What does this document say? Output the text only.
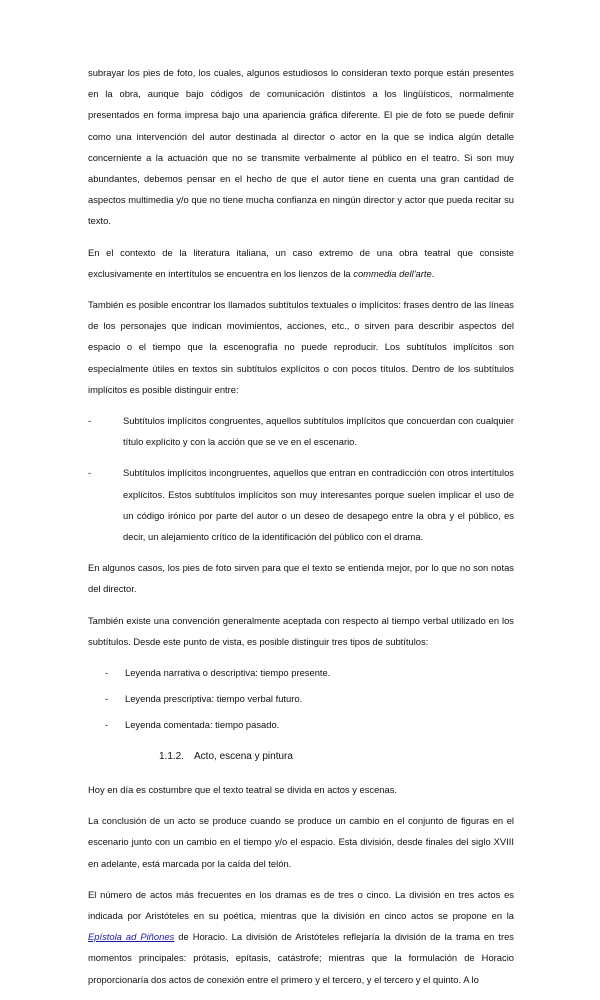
subrayar los pies de foto, los cuales, algunos estudiosos lo consideran texto porque están presentes en la obra, aunque bajo códigos de comunicación distintos a los lingüísticos, normalmente presentados en forma impresa bajo una apariencia gráfica diferente. El pie de foto se puede definir como una intervención del autor destinada al director o actor en la que se indica algún detalle concerniente a la actuación que no se transmite verbalmente al público en el teatro. Si son muy abundantes, debemos pensar en el hecho de que el autor tiene en cuenta una gran cantidad de aspectos multimedia y/o que no tiene mucha confianza en ningún director y actor que pueda recitar su texto.

En el contexto de la literatura italiana, un caso extremo de una obra teatral que consiste exclusivamente en intertítulos se encuentra en los lienzos de la commedia dell'arte.

También es posible encontrar los llamados subtítulos textuales o implícitos: frases dentro de las líneas de los personajes que indican movimientos, acciones, etc., o sirven para describir aspectos del espacio o el tiempo que la escenografía no puede reproducir. Los subtítulos implícitos son especialmente útiles en textos sin subtítulos explícitos o con pocos títulos. Dentro de los subtítulos implícitos es posible distinguir entre:

-	Subtítulos implícitos congruentes, aquellos subtítulos implícitos que concuerdan con cualquier título explícito y con la acción que se ve en el escenario.
-	Subtítulos implícitos incongruentes, aquellos que entran en contradicción con otros intertítulos explícitos. Estos subtítulos implícitos son muy interesantes porque suelen implicar el uso de un código irónico por parte del autor o un deseo de desapego entre la obra y el público, es decir, un alejamiento crítico de la identificación del público con el drama.

En algunos casos, los pies de foto sirven para que el texto se entienda mejor, por lo que no son notas del director.

También existe una convención generalmente aceptada con respecto al tiempo verbal utilizado en los subtítulos. Desde este punto de vista, es posible distinguir tres tipos de subtítulos:

- Leyenda narrativa o descriptiva: tiempo presente.
- Leyenda prescriptiva: tiempo verbal futuro.
- Leyenda comentada: tiempo pasado.
1.1.2. Acto, escena y pintura

Hoy en día es costumbre que el texto teatral se divida en actos y escenas.

La conclusión de un acto se produce cuando se produce un cambio en el conjunto de figuras en el escenario junto con un cambio en el tiempo y/o el espacio. Esta división, desde finales del siglo XVIII en adelante, está marcada por la caída del telón.

El número de actos más frecuentes en los dramas es de tres o cinco. La división en tres actos es indicada por Aristóteles en su poética, mientras que la división en cinco actos se propone en la Epístola ad Piñones de Horacio. La división de Aristóteles reflejaría la división de la trama en tres momentos principales: prótasis, epítasis, catástrofe; mientras que la formulación de Horacio proporcionaría dos actos de conexión entre el primero y el tercero, y el tercero y el quinto. A lo
